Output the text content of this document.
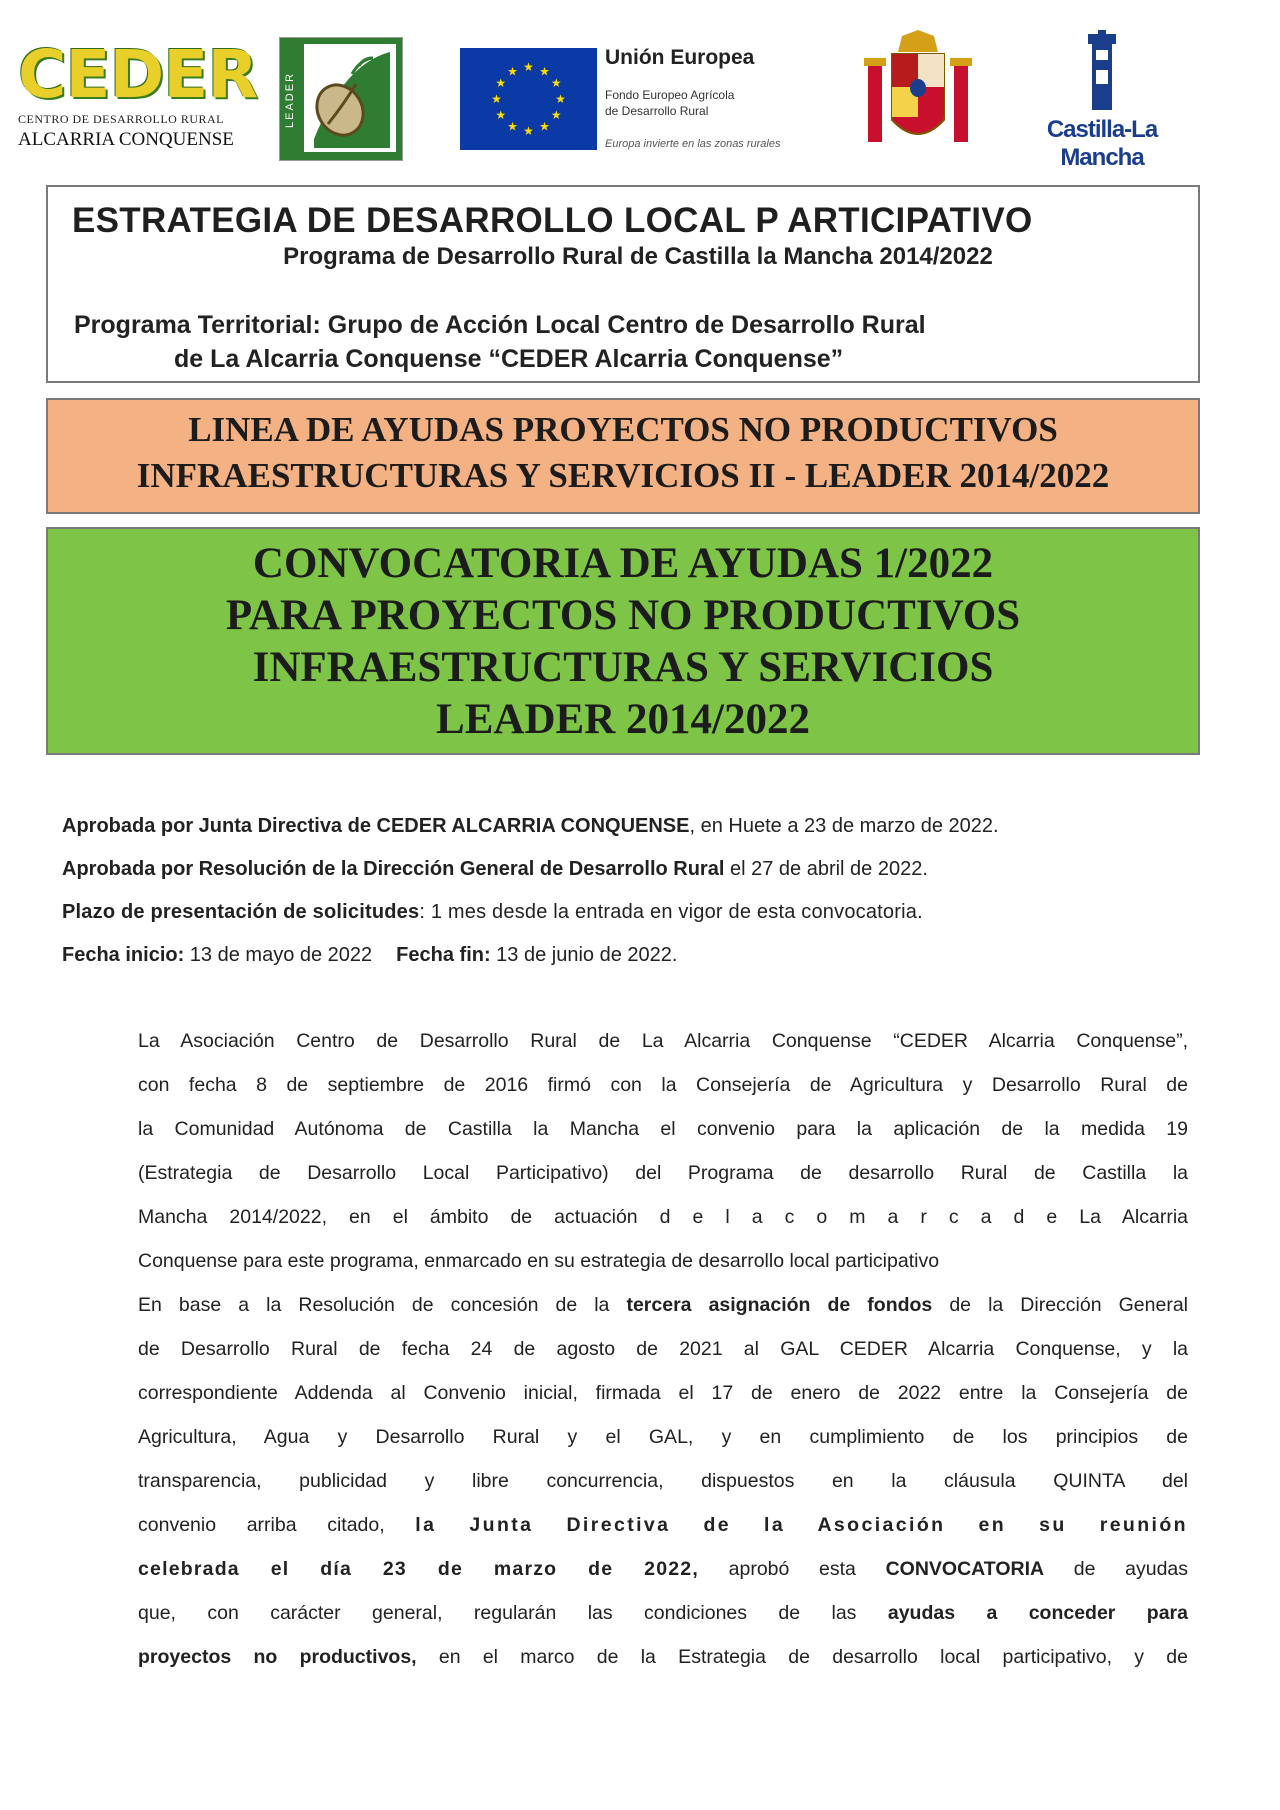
CEDER
CENTRO DE DESARROLLO RURAL
ALCARRIA CONQUENSE
LEADER
★ ★
★
★
★
★
★
★
★
★
★
★
Unión Europea
Fondo Europeo Agrícola
de Desarrollo Rural
Europa invierte en las zonas rurales
Castilla-La Mancha
ESTRATEGIA DE DESARROLLO LOCAL P ARTICIPATIVO
Programa de Desarrollo Rural de Castilla la Mancha 2014/2022
Programa Territorial: Grupo de Acción Local Centro de Desarrollo Rural
de La Alcarria Conquense “CEDER Alcarria Conquense”
LINEA DE AYUDAS PROYECTOS NO PRODUCTIVOS
INFRAESTRUCTURAS Y SERVICIOS II - LEADER 2014/2022
CONVOCATORIA DE AYUDAS 1/2022
PARA PROYECTOS NO PRODUCTIVOS
INFRAESTRUCTURAS Y SERVICIOS
LEADER 2014/2022
Aprobada por Junta Directiva de CEDER ALCARRIA CONQUENSE, en Huete a 23 de marzo de 2022.
Aprobada por Resolución de la Dirección General de Desarrollo Rural el 27 de abril de 2022.
Plazo de presentación de solicitudes: 1 mes desde la entrada en vigor de esta convocatoria.
Fecha inicio: 13 de mayo de 2022 Fecha fin: 13 de junio de 2022.
La Asociación Centro de Desarrollo Rural de La Alcarria Conquense “CEDER Alcarria Conquense”,
con fecha 8 de septiembre de 2016 firmó con la Consejería de Agricultura y Desarrollo Rural de
la Comunidad Autónoma de Castilla la Mancha el convenio para la aplicación de la medida 19
(Estrategia de Desarrollo Local Participativo) del Programa de desarrollo Rural de Castilla la
Mancha 2014/2022, en el ámbito de actuación d e l a c o m a r c a d e La Alcarria
Conquense para este programa, enmarcado en su estrategia de desarrollo local participativo
En base a la Resolución de concesión de la tercera asignación de fondos de la Dirección General
de Desarrollo Rural de fecha 24 de agosto de 2021 al GAL CEDER Alcarria Conquense, y la
correspondiente Addenda al Convenio inicial, firmada el 17 de enero de 2022 entre la Consejería de
Agricultura, Agua y Desarrollo Rural y el GAL, y en cumplimiento de los principios de
transparencia, publicidad y libre concurrencia, dispuestos en la cláusula QUINTA del
convenio arriba citado, la Junta Directiva de la Asociación en su reunión
celebrada el día 23 de marzo de 2022, aprobó esta CONVOCATORIA de ayudas
que, con carácter general, regularán las condiciones de las ayudas a conceder para
proyectos no productivos, en el marco de la Estrategia de desarrollo local participativo, y de
